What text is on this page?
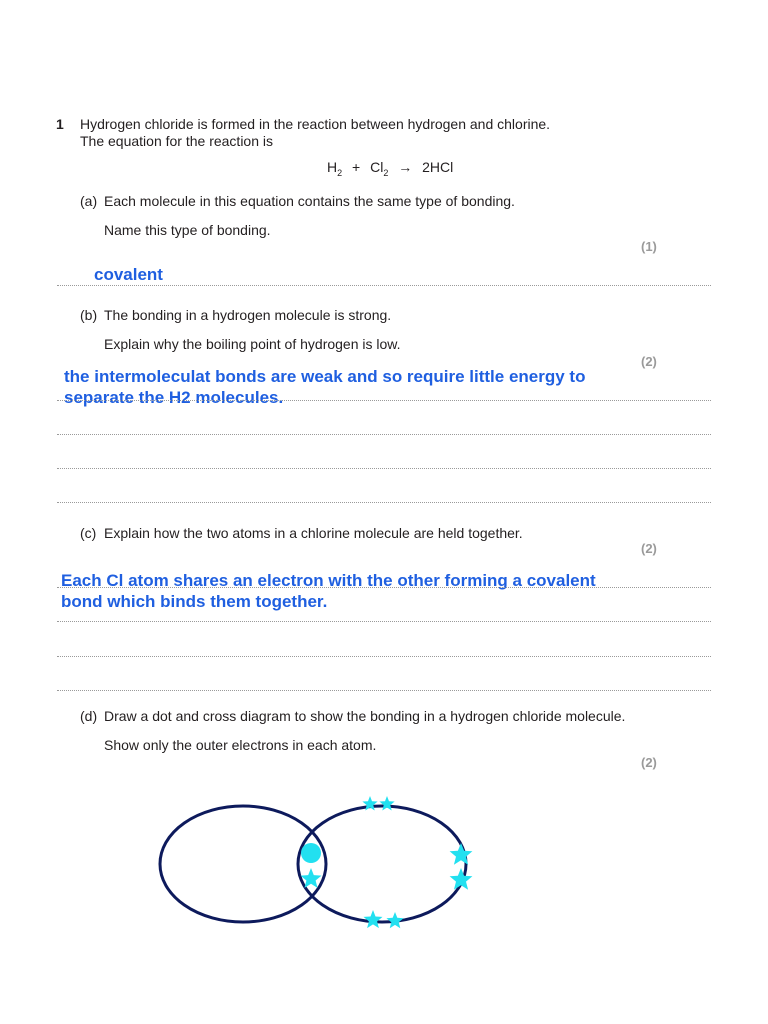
1 Hydrogen chloride is formed in the reaction between hydrogen and chlorine.
The equation for the reaction is
$H_2 + Cl_2 \to 2HCl$
(a) Each molecule in this equation contains the same type of bonding.
Name this type of bonding.
(1)
covalent
(b) The bonding in a hydrogen molecule is strong.
Explain why the boiling point of hydrogen is low.
(2)
the intermoleculat bonds are weak and so require little energy to
separate the H2 molecules.
(c) Explain how the two atoms in a chlorine molecule are held together.
(2)
Each Cl atom shares an electron with the other forming a covalent
bond which binds them together.
(d) Draw a dot and cross diagram to show the bonding in a hydrogen chloride molecule.
Show only the outer electrons in each atom.
(2)
